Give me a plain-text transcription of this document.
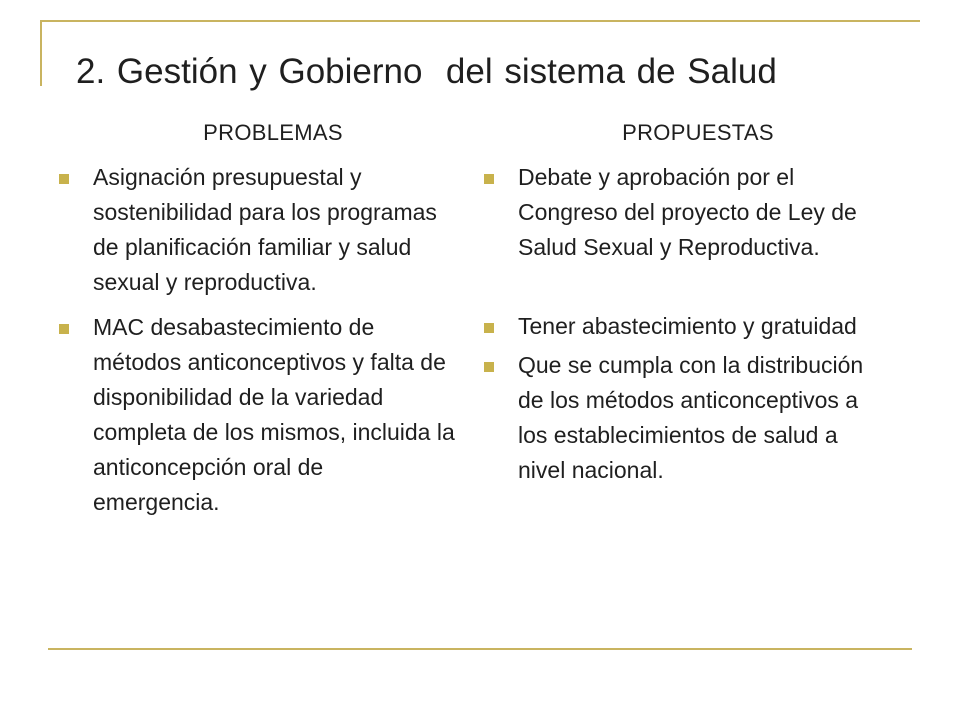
2. Gestión y Gobierno  del sistema de Salud
PROBLEMAS	PROPUESTAS
Asignación presupuestal y sostenibilidad para los programas de planificación familiar y salud sexual y reproductiva.
MAC desabastecimiento de métodos anticonceptivos y falta de disponibilidad de la variedad completa de los mismos, incluida la anticoncepción oral de emergencia.
Debate y aprobación por el Congreso del proyecto de Ley de Salud Sexual y Reproductiva.
Tener abastecimiento y gratuidad
Que se cumpla con la distribución de los métodos anticonceptivos a los establecimientos de salud a nivel nacional.
